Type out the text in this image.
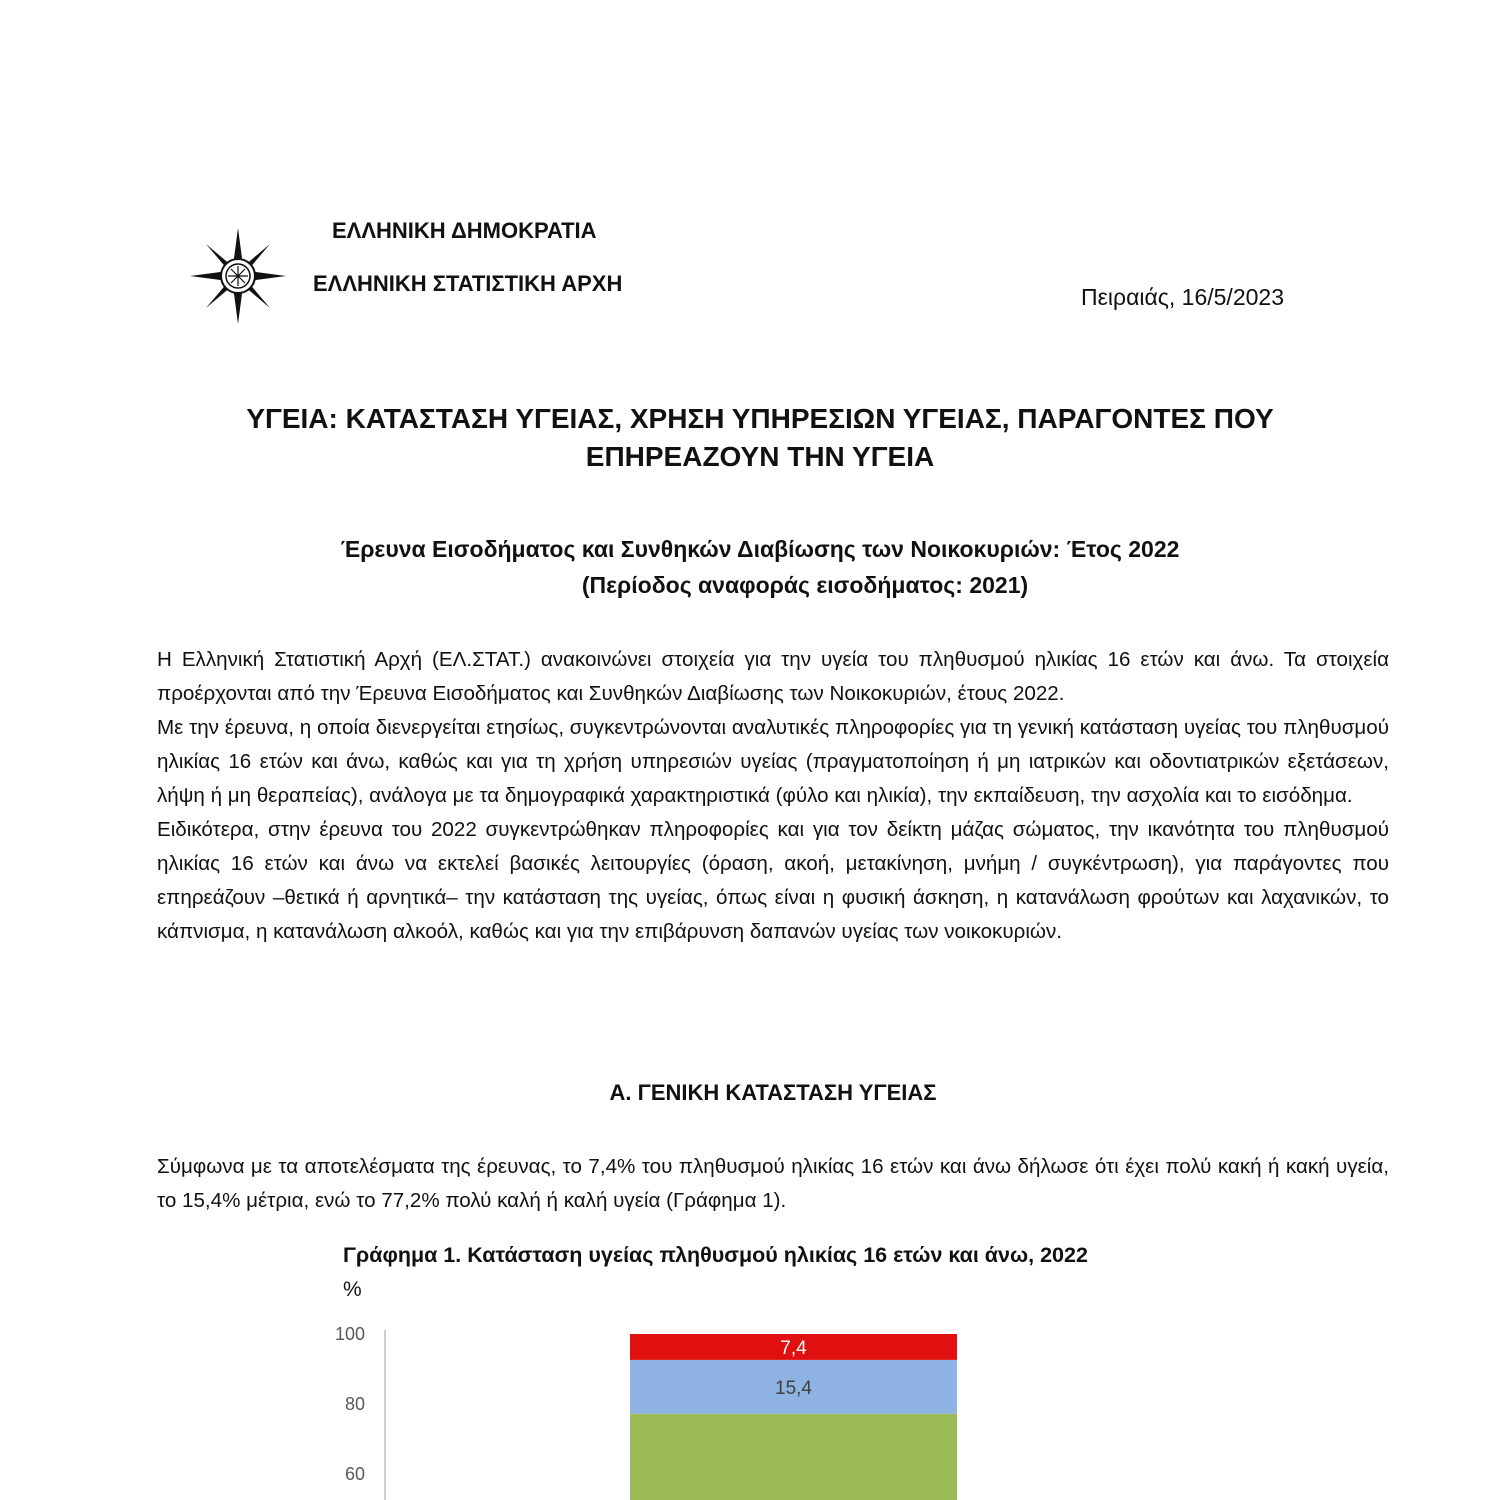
ΕΛΛΗΝΙΚΗ ΔΗΜΟΚΡΑΤΙΑ
ΕΛΛΗΝΙΚΗ ΣΤΑΤΙΣΤΙΚΗ ΑΡΧΗ
Πειραιάς, 16/5/2023
ΥΓΕΙΑ: ΚΑΤΑΣΤΑΣΗ ΥΓΕΙΑΣ, ΧΡΗΣΗ ΥΠΗΡΕΣΙΩΝ ΥΓΕΙΑΣ, ΠΑΡΑΓΟΝΤΕΣ ΠΟΥ ΕΠΗΡΕΑΖΟΥΝ ΤΗΝ ΥΓΕΙΑ
Έρευνα Εισοδήματος και Συνθηκών Διαβίωσης των Νοικοκυριών: Έτος 2022
(Περίοδος αναφοράς εισοδήματος: 2021)

Η Ελληνική Στατιστική Αρχή (ΕΛ.ΣΤΑΤ.) ανακοινώνει στοιχεία για την υγεία του πληθυσμού ηλικίας 16 ετών και άνω. Τα στοιχεία προέρχονται από την Έρευνα Εισοδήματος και Συνθηκών Διαβίωσης των Νοικοκυριών, έτους 2022.

Με την έρευνα, η οποία διενεργείται ετησίως, συγκεντρώνονται αναλυτικές πληροφορίες για τη γενική κατάσταση υγείας του πληθυσμού ηλικίας 16 ετών και άνω, καθώς και για τη χρήση υπηρεσιών υγείας (πραγματοποίηση ή μη ιατρικών και οδοντιατρικών εξετάσεων, λήψη ή μη θεραπείας), ανάλογα με τα δημογραφικά χαρακτηριστικά (φύλο και ηλικία), την εκπαίδευση, την ασχολία και το εισόδημα.

Ειδικότερα, στην έρευνα του 2022 συγκεντρώθηκαν πληροφορίες και για τον δείκτη μάζας σώματος, την ικανότητα του πληθυσμού ηλικίας 16 ετών και άνω να εκτελεί βασικές λειτουργίες (όραση, ακοή, μετακίνηση, μνήμη / συγκέντρωση), για παράγοντες που επηρεάζουν –θετικά ή αρνητικά– την κατάσταση της υγείας, όπως είναι η φυσική άσκηση, η κατανάλωση φρούτων και λαχανικών, το κάπνισμα, η κατανάλωση αλκοόλ, καθώς και για την επιβάρυνση δαπανών υγείας των νοικοκυριών.

Α. ΓΕΝΙΚΗ ΚΑΤΑΣΤΑΣΗ ΥΓΕΙΑΣ
Σύμφωνα με τα αποτελέσματα της έρευνας, το 7,4% του πληθυσμού ηλικίας 16 ετών και άνω δήλωσε ότι έχει πολύ κακή ή κακή υγεία, το 15,4% μέτρια, ενώ το 77,2% πολύ καλή ή καλή υγεία (Γράφημα 1).
Γράφημα 1. Κατάσταση υγείας πληθυσμού ηλικίας 16 ετών και άνω, 2022
%
100
80
60
15,4
7,4
